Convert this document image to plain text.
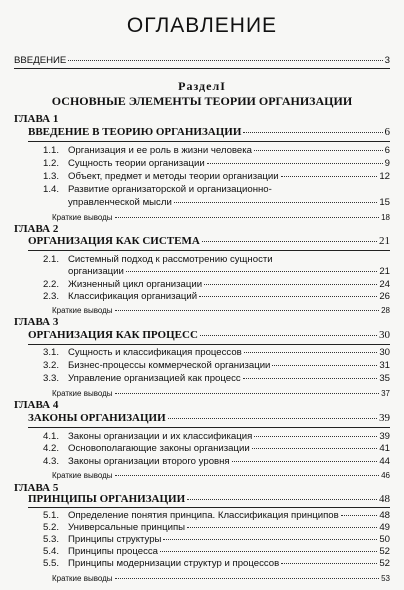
ОГЛАВЛЕНИЕ
ВВЕДЕНИЕ	3
РазделI
ОСНОВНЫЕ ЭЛЕМЕНТЫ ТЕОРИИ ОРГАНИЗАЦИИ
ГЛАВА 1
ВВЕДЕНИЕ В ТЕОРИЮ ОРГАНИЗАЦИИ	6
1.1. Организация и ее роль в жизни человека	6
1.2. Сущность теории организации	9
1.3. Объект, предмет и методы теории организации	12
1.4. Развитие организаторской и организационно-
управленческой мысли	15
Краткие выводы	18
ГЛАВА 2
ОРГАНИЗАЦИЯ КАК СИСТЕМА	21
2.1. Системный подход к рассмотрению сущности
организации	21
2.2. Жизненный цикл организации	24
2.3. Классификация организаций	26
Краткие выводы	28
ГЛАВА 3
ОРГАНИЗАЦИЯ КАК ПРОЦЕСС	30
3.1. Сущность и классификация процессов	30
3.2. Бизнес-процессы коммерческой организации	31
3.3. Управление организацией как процесс	35
Краткие выводы	37
ГЛАВА 4
ЗАКОНЫ ОРГАНИЗАЦИИ	39
4.1. Законы организации и их классификация	39
4.2. Основополагающие законы организации	41
4.3. Законы организации второго уровня	44
Краткие выводы	46
ГЛАВА 5
ПРИНЦИПЫ ОРГАНИЗАЦИИ	48
5.1. Определение понятия принципа. Классификация принципов	48
5.2. Универсальные принципы	49
5.3. Принципы структуры	50
5.4. Принципы процесса	52
5.5. Принципы модернизации структур и процессов	52
Краткие выводы	53
